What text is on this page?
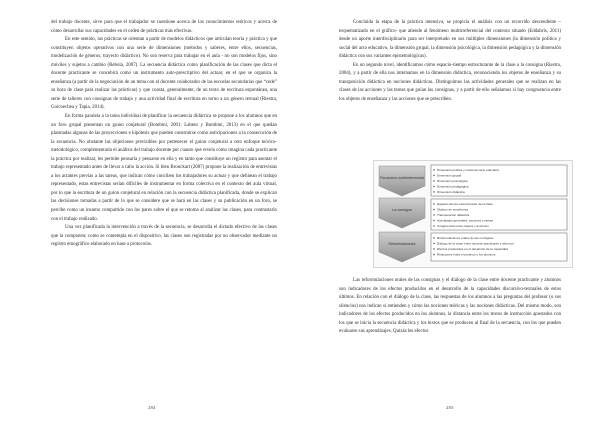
del trabajo docente, sirve para que el trabajador se cuestione acerca de los conocimientos teóricos y acerca de cómo desarrollar sus capacidades en el orden de prácticas más efectivas.

En este sentido, las prácticas se orientan a partir de modelos didácticos que articulan teoría y práctica y que constituyen objetos operativos con una serie de dimensiones (métodos y saberes, entre ellos, secuencias, modelización de géneros, trayecto didáctico). No son reserva para trabajar en el aula - no son modelos fijos, sino móviles y sujetos a cambio (Rebola, 2007). La secuencia didáctica como planificación de las clases que dicta el docente practicante se concebirá como un instrumento auto-prescriptivo del actuar, en el que se organiza la enseñanza (a partir de la negociación de un tema con el docente colaborador de las escuelas secundarias que “cede” su hora de clase para realizar las prácticas) y que consta, generalmente, de un texto de escritura espontánea, una serie de talleres con consignas de trabajo y una actividad final de escritura en torno a un género textual (Riestra, Goicoechea y Tapia, 2014).

En forma paralela a la tarea individual de planificar la secuencia didáctica se propone a los alumnos que en un foro grupal presentan un guion conjetural (Bombini, 2001; Labeur y Bombini, 2013) en el que quedan plasmadas algunas de las proyecciones e hipótesis que pueden construirse como anticipaciones a la consecución de la secuencia. No obstante las objeciones previsibles por pertenecer el guion conjetural a otro enfoque teórico-metodológico, complementaría el análisis del trabajo docente por cuanto que revela cómo imagina cada practicante la práctica por realizar, les permite pensarla y pensarse en ella y en tanto que constituye un registro para asentar el trabajo representado antes de llevar a cabo la acción. Si bien Bronckart (2007) propone la realización de entrevistas a los actantes previas a las tareas, que indican cómo conciben los trabajadores su actuar y que delinean el trabajo representado, estas entrevistas serían difíciles de instrumentar en forma colectiva en el contexto del aula virtual, por lo que la escritura de un guion conjetural en relación con la secuencia didáctica planificada, donde se explican las decisiones tomadas a partir de lo que se considere que se hará en las clases y su publicación en un foro, se percibe como un insumo compartido con los pares sobre el que se retoma al analizar las clases, para contrastarlo con el trabajo realizado.

Una vez planificada la intervención a través de la secuencia, se desarrolla el dictado efectivo de las clases que la componen; como se contempla en el dispositivo, las clases son registradas por un observador mediante un registro etnográfico elaborado en base a protocolos.

284

Concluida la etapa de la práctica intensiva, se propicia el análisis con un recorrido descendente –esquematizado en el gráfico- que atiende al fenómeno multirreferencial del contexto situado (Eddabris, 2011) desde un aporte interdisciplinario para ser interpretado en sus múltiples dimensiones (la dimensión política y social del acto educativo, la dimensión grupal, la dimensión psicológica, la dimensión pedagógica y la dimensión didáctica con sus variantes epistemológicas).

En un segundo nivel, identificamos cómo espacio-tiempo estructurante de la clase a la consigna (Riestra, 2004), y a partir de ella nos internamos en la dimensión didáctica, reconociendo los objetos de enseñanza y su transposición didáctica en nociones didácticas. Distinguimos las actividades generales que se realizan en las clases de las acciones y las tareas que guían las consignas, y a partir de ello señalamos si hay congruencia entre los objetos de enseñanza y las acciones que se prescriben.

Fenómeno multirreferencial
Dimensión política y social del acto educativo
Dimensión grupal
Dimensión psicológica
Dimensión pedagógica
Dimensión didáctica
La consigna
Espacio-tiempo estructurante de la clase
Objetos de enseñanza
Transposición didáctica
Actividades generales, acciones y tareas
Congruencia entre objetos y acciones
Reformulaciones
Reformulaciones orales de las consignas
Diálogo de la clase entre docente practicante y alumnos
Efectos producidos en el desarrollo de la capacidad
Relaciones entre el profesor y los alumnos

Las reformulaciones orales de las consignas y el diálogo de la clase entre docente practicante y alumnos son indicadores de los efectos producidos en el desarrollo de la capacidades discursivo-textuales de estos últimos. En relación con el diálogo de la clase, las respuestas de los alumnos a las preguntas del profesor (o sus silencios) nos indican si entienden y cómo las nociones teóricas y las nociones didácticas. Del mismo modo, son indicadores de los efectos producidos en los alumnos, la distancia entre los textos de instrucción apostados con los que se inicia la secuencia didáctica y los textos que se producen al final de la secuencia, con los que pueden evaluarse sus aprendizajes. Quizás les efectos

285
